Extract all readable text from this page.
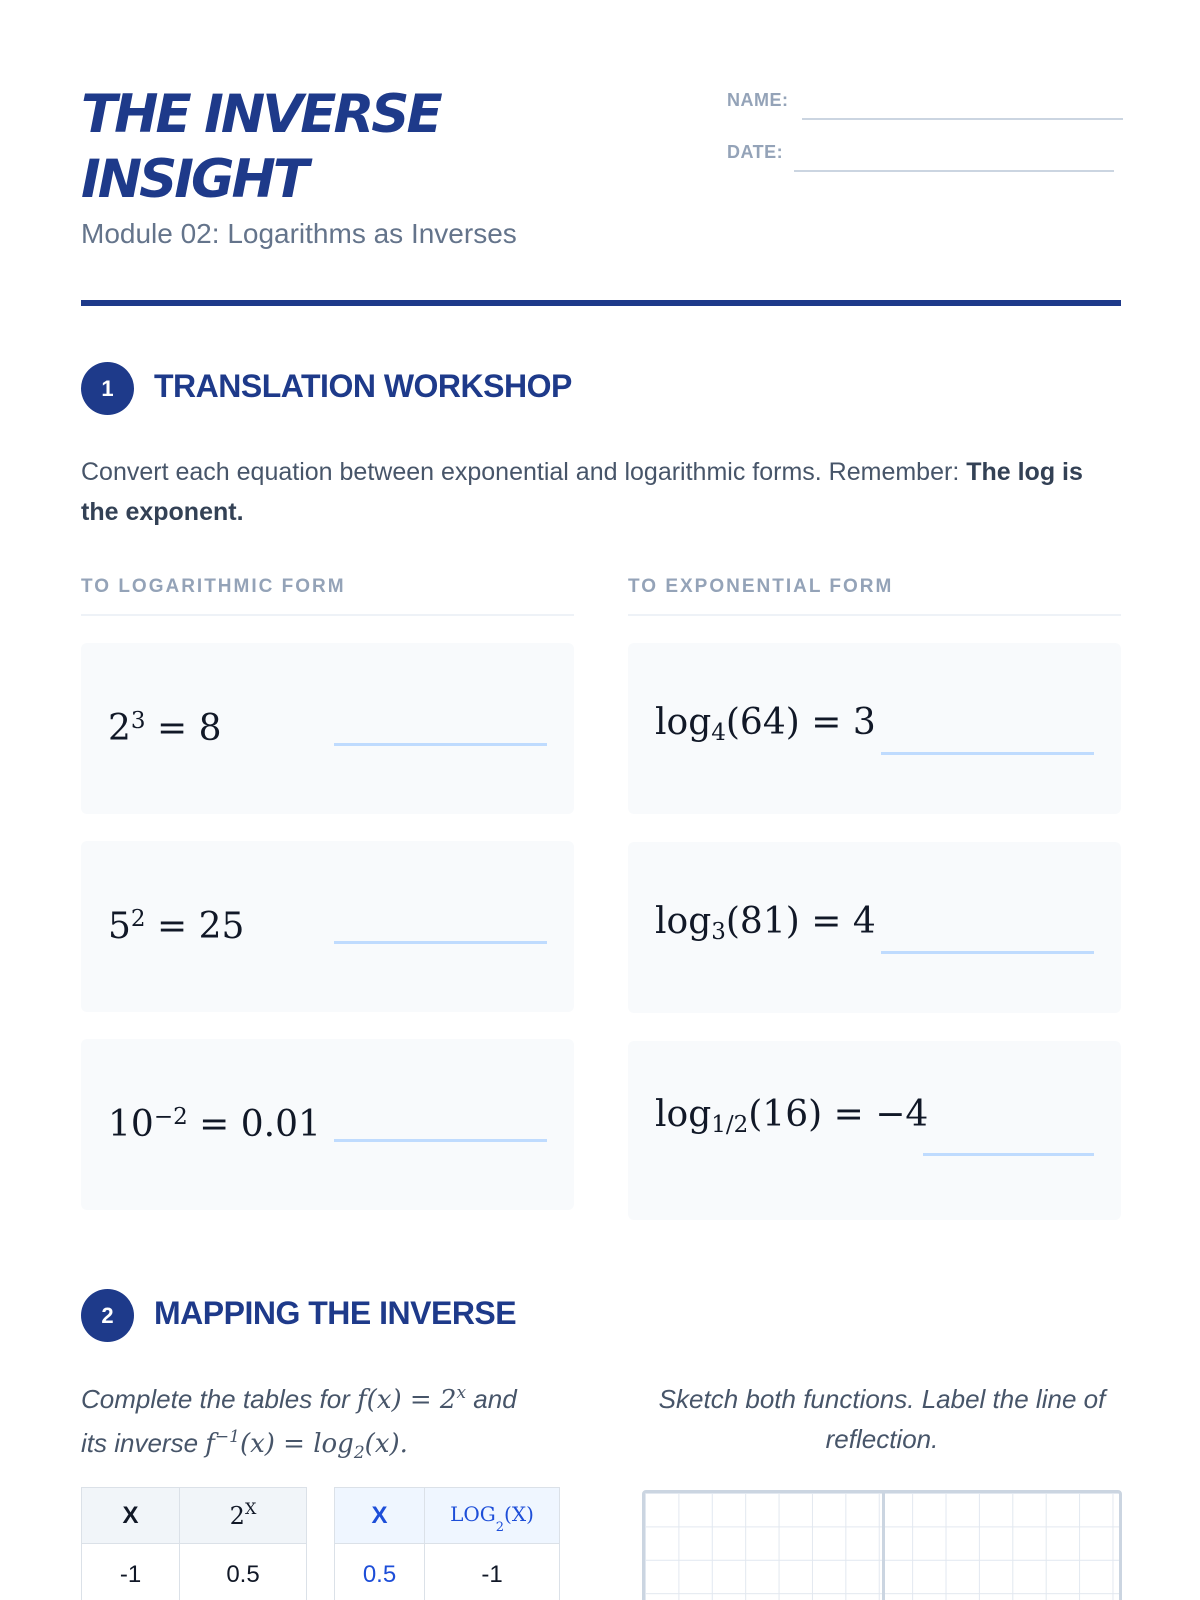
THE INVERSE
INSIGHT
Module 02: Logarithms as Inverses
NAME:
DATE:
1	TRANSLATION WORKSHOP
Convert each equation between exponential and logarithmic forms. Remember: The log is the exponent.
TO LOGARITHMIC FORM	TO EXPONENTIAL FORM
$2^3$
= 8
$5^2$
= 25
$10^{-2}$
= 0.01
$\log_4 (64)$
= 3
$\log_3 (81)$
= 4
$\log_{1/2} (16)$
= −4
2	MAPPING THE INVERSE
Complete the tables for $f(x) = 2^x$ and
its inverse $f^{-1}(x) = \log_2(x)$.
Sketch both functions. Label the line of reflection.
X	$2^X$
-1	0.5
X	$LOG_2(X)$
0.5	-1
